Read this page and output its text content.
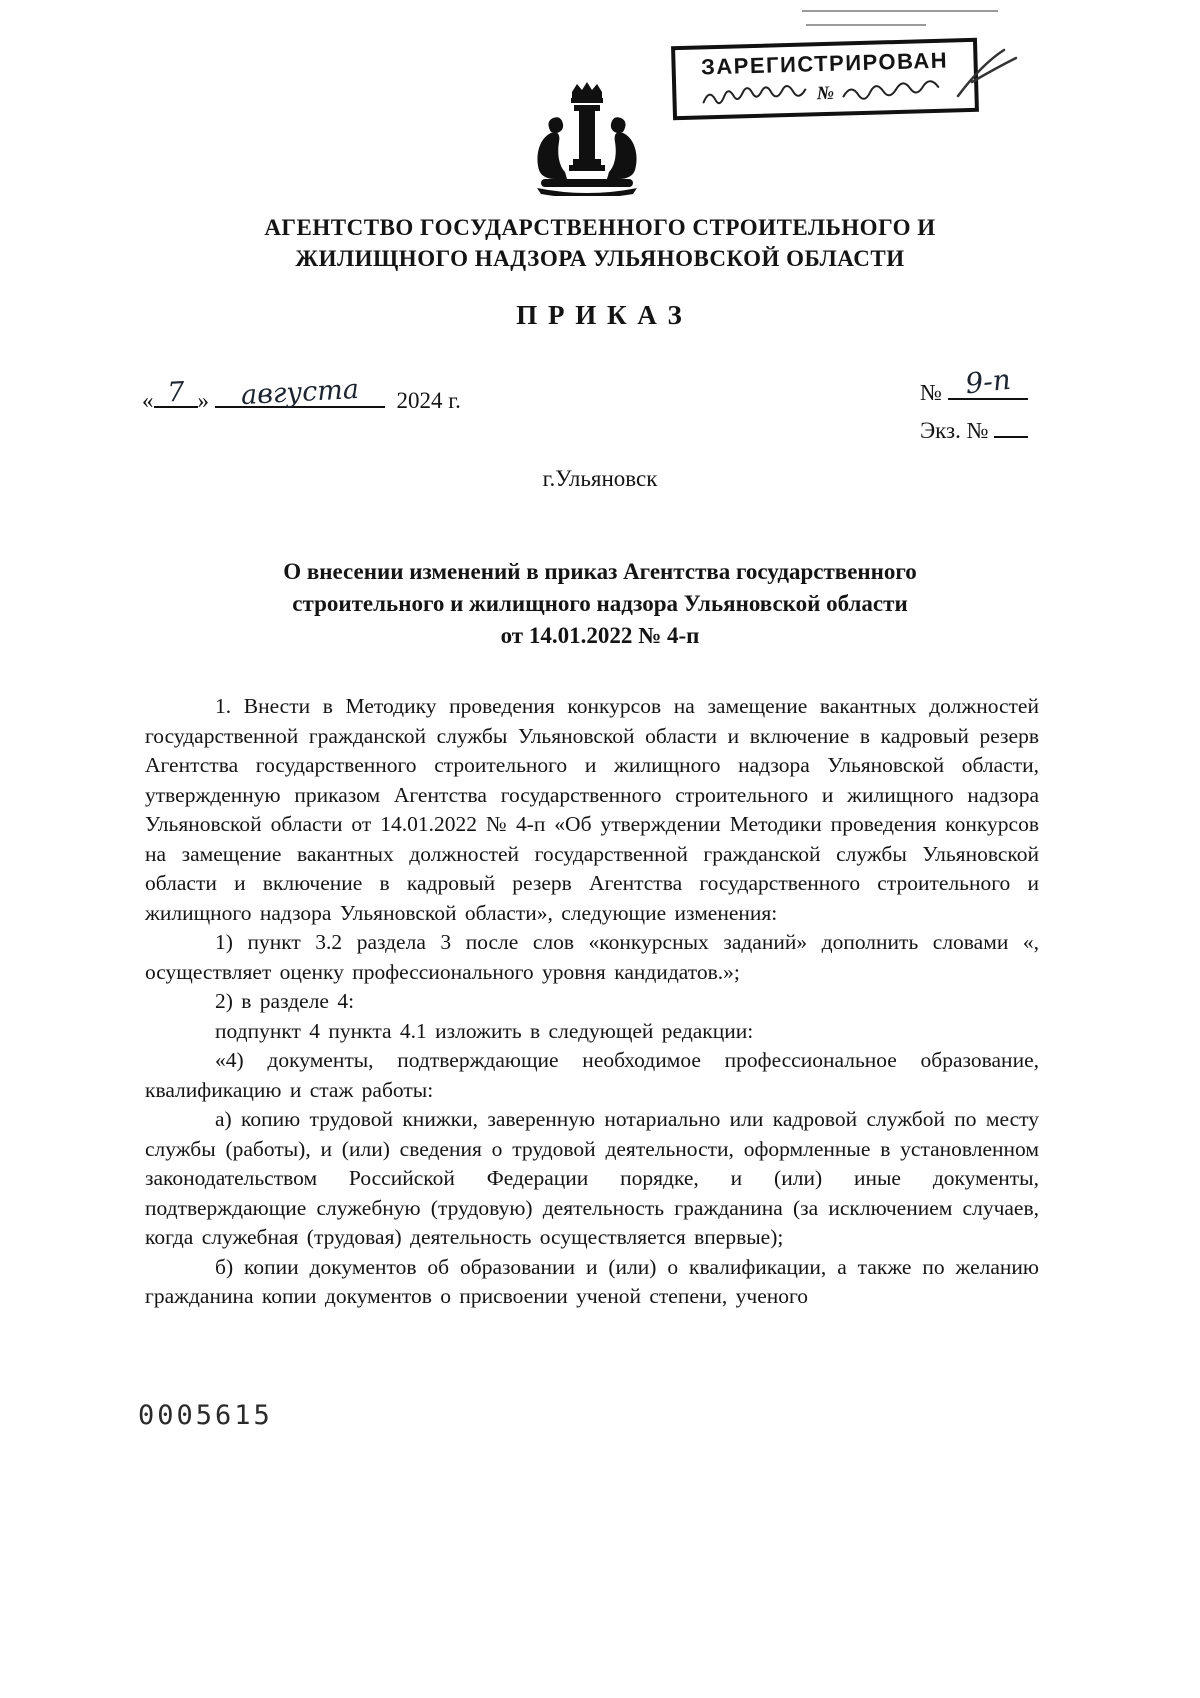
ЗАРЕГИСТРИРОВАН
№
АГЕНТСТВО ГОСУДАРСТВЕННОГО СТРОИТЕЛЬНОГО И
ЖИЛИЩНОГО НАДЗОРА УЛЬЯНОВСКОЙ ОБЛАСТИ
П Р И К А З
« 7 »	августа	2024 г.	№ 9-п
Экз. №
г.Ульяновск
О внесении изменений в приказ Агентства государственного
строительного и жилищного надзора Ульяновской области
от 14.01.2022 № 4-п

1. Внести в Методику проведения конкурсов на замещение вакантных должностей государственной гражданской службы Ульяновской области и включение в кадровый резерв Агентства государственного строительного и жилищного надзора Ульяновской области, утвержденную приказом Агентства государственного строительного и жилищного надзора Ульяновской области от 14.01.2022 № 4-п «Об утверждении Методики проведения конкурсов на замещение вакантных должностей государственной гражданской службы Ульяновской области и включение в кадровый резерв Агентства государственного строительного и жилищного надзора Ульяновской области», следующие изменения:

1) пункт 3.2 раздела 3 после слов «конкурсных заданий» дополнить словами «, осуществляет оценку профессионального уровня кандидатов.»;

2) в разделе 4:

подпункт 4 пункта 4.1 изложить в следующей редакции:

«4) документы, подтверждающие необходимое профессиональное образование, квалификацию и стаж работы:

а) копию трудовой книжки, заверенную нотариально или кадровой службой по месту службы (работы), и (или) сведения о трудовой деятельности, оформленные в установленном законодательством Российской Федерации порядке, и (или) иные документы, подтверждающие служебную (трудовую) деятельность гражданина (за исключением случаев, когда служебная (трудовая) деятельность осуществляется впервые);

б) копии документов об образовании и (или) о квалификации, а также по желанию гражданина копии документов о присвоении ученой степени, ученого

0005615
